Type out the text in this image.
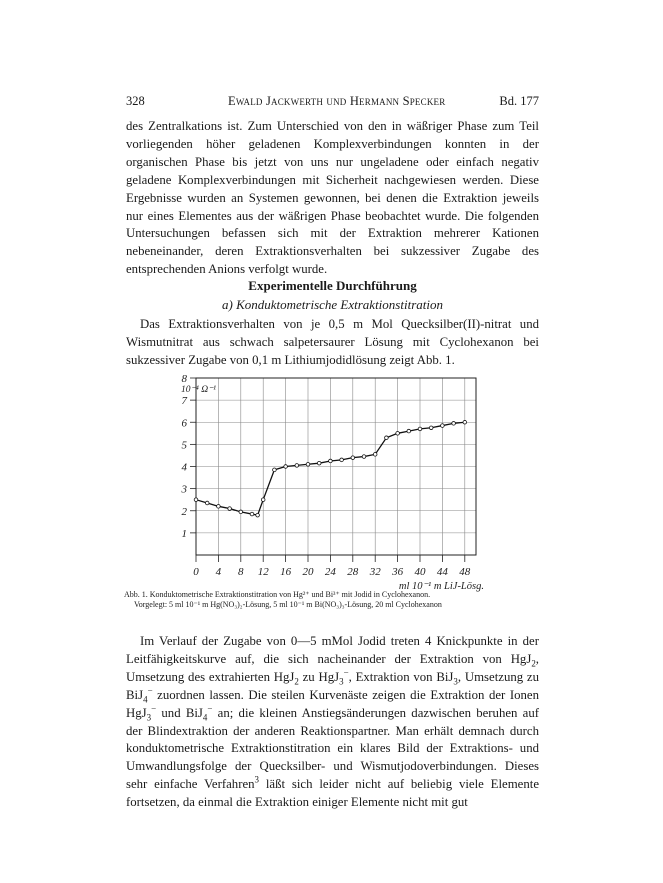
328	Ewald Jackwerth und Hermann Specker	Bd. 177

des Zentralkations ist. Zum Unterschied von den in wäßriger Phase zum Teil vorliegenden höher geladenen Komplexverbindungen konnten in der organischen Phase bis jetzt von uns nur ungeladene oder einfach negativ geladene Komplexverbindungen mit Sicherheit nachgewiesen werden. Diese Ergebnisse wurden an Systemen gewonnen, bei denen die Extraktion jeweils nur eines Elementes aus der wäßrigen Phase beobachtet wurde. Die folgenden Untersuchungen befassen sich mit der Extraktion mehrerer Kationen nebeneinander, deren Extraktionsverhalten bei sukzessiver Zugabe des entsprechenden Anions verfolgt wurde.

Experimentelle Durchführung
a) Konduktometrische Extraktionstitration

Das Extraktionsverhalten von je 0,5 m Mol Quecksilber(II)-nitrat und Wismutnitrat aus schwach salpetersaurer Lösung mit Cyclohexanon bei sukzessiver Zugabe von 0,1 m Lithiumjodidlösung zeigt Abb. 1.

0 4 8 12 16 20 24 28 32 36 40 44 48
1
2
3
4
5
6
7
8
10⁻⁴ Ω⁻¹
ml 10⁻¹ m LiJ-Lösg.
Abb. 1. Konduktometrische Extraktionstitration von Hg²⁺ und Bi³⁺ mit Jodid in Cyclohexanon.
Vorgelegt: 5 ml 10⁻¹ m Hg(NO₃)₂-Lösung, 5 ml 10⁻¹ m Bi(NO₃)₃-Lösung, 20 ml Cyclohexanon

Im Verlauf der Zugabe von 0—5 mMol Jodid treten 4 Knickpunkte in der Leitfähigkeitskurve auf, die sich nacheinander der Extraktion von HgJ$_2$, Umsetzung des extrahierten HgJ$_2$ zu HgJ$_3$−, Extraktion von BiJ$_3$, Umsetzung zu BiJ$_4$− zuordnen lassen. Die steilen Kurvenäste zeigen die Extraktion der Ionen HgJ$_3$− und BiJ$_4$− an; die kleinen Anstiegsänderungen dazwischen beruhen auf der Blindextraktion der anderen Reaktionspartner. Man erhält demnach durch konduktometrische Extraktionstitration ein klares Bild der Extraktions- und Umwandlungsfolge der Quecksilber- und Wismutjodoverbindungen. Dieses sehr einfache Verfahren$^3$ läßt sich leider nicht auf beliebig viele Elemente fortsetzen, da einmal die Extraktion einiger Elemente nicht mit gut
